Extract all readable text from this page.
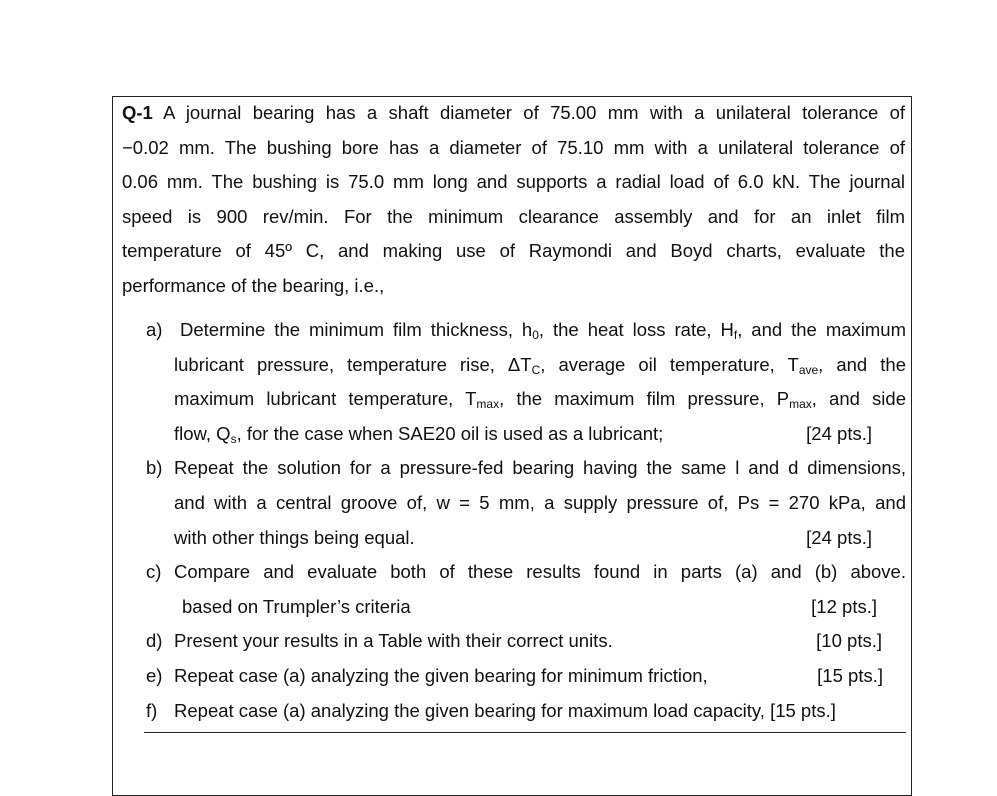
Q-1 A journal bearing has a shaft diameter of 75.00 mm with a unilateral tolerance of
−0.02 mm. The bushing bore has a diameter of 75.10 mm with a unilateral tolerance of
0.06 mm. The bushing is 75.0 mm long and supports a radial load of 6.0 kN. The journal
speed is 900 rev/min. For the minimum clearance assembly and for an inlet film
temperature of 45º C, and making use of Raymondi and Boyd charts, evaluate the
performance of the bearing, i.e.,
a) Determine the minimum film thickness, $h_0$, the heat loss rate, $H_f$, and the maximum
lubricant pressure, temperature rise, $\Delta T_C$, average oil temperature, $T_{ave}$, and the
maximum lubricant temperature, $T_{max}$, the maximum film pressure, $P_{max}$, and side
flow, $Q_s$, for the case when SAE20 oil is used as a lubricant;	[24 pts.]
b) Repeat the solution for a pressure-fed bearing having the same l and d dimensions,
and with a central groove of, w = 5 mm, a supply pressure of, Ps = 270 kPa, and
with other things being equal.	[24 pts.]
c) Compare and evaluate both of these results found in parts (a) and (b) above.
based on Trumpler’s criteria	[12 pts.]
d) Present your results in a Table with their correct units.	[10 pts.]
e) Repeat case (a) analyzing the given bearing for minimum friction,	[15 pts.]
f) Repeat case (a) analyzing the given bearing for maximum load capacity,
[15 pts.]
